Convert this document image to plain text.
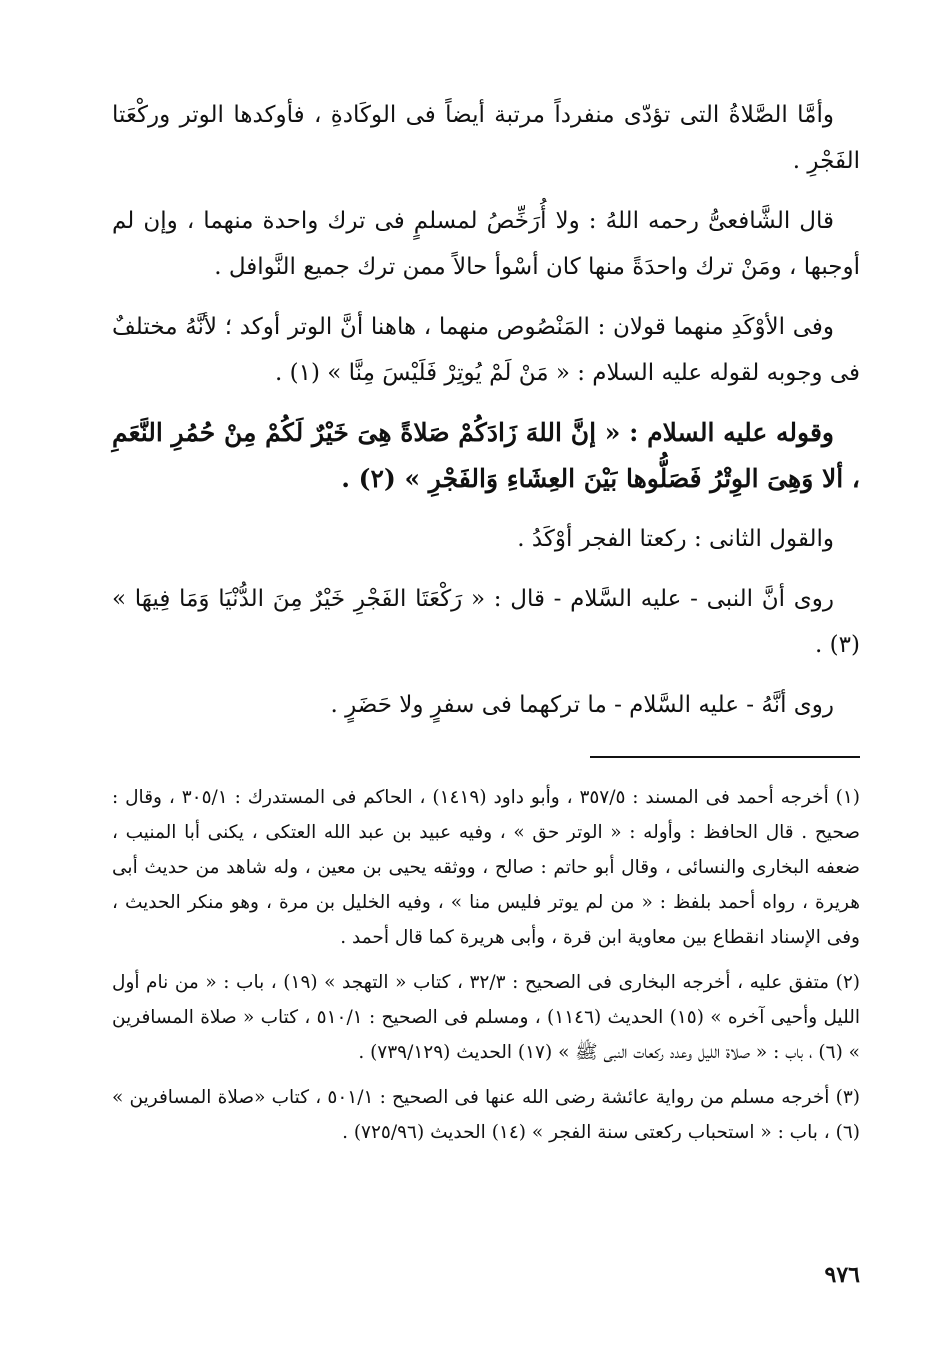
وأمَّا الصَّلاةُ التى تؤدّى منفرداً مرتبة أيضاً فى الوكَادةِ ، فأوكدها الوتر وركْعَتا الفَجْرِ .

قال الشَّافعىُّ رحمه اللهُ : ولا أُرَخِّصُ لمسلمٍ فى ترك واحدة منهما ، وإن لم أوجبها ، ومَنْ ترك واحدَةً منها كان أسْوأ حالاً ممن ترك جميع النَّوافل .

وفى الأوْكَدِ منهما قولان : المَنْصُوص منهما ، هاهنا أنَّ الوتر أوكد ؛ لأنَّهُ مختلفٌ فى وجوبه لقوله عليه السلام : « مَنْ لَمْ يُوتِرْ فَلَيْسَ مِنَّا » (١) .

وقوله عليه السلام : « إنَّ اللهَ زَادَكُمْ صَلاةً هِىَ خَيْرٌ لَكُمْ مِنْ حُمُرِ النَّعَمِ ، ألا وَهِىَ الوِتْرُ فَصَلُّوها بَيْنَ العِشَاءِ وَالفَجْرِ » (٢) .

والقول الثانى : ركعتا الفجر أوْكَدُ .

روى أنَّ النبى - عليه السَّلام - قال : « رَكْعَتَا الفَجْرِ خَيْرٌ مِنَ الدُّنْيَا وَمَا فِيهَا » (٣) .

روى أنَّهُ - عليه السَّلام - ما تركهما فى سفرٍ ولا حَضَرٍ .

(١) أخرجه أحمد فى المسند : ٣٥٧/٥ ، وأبو داود (١٤١٩) ، الحاكم فى المستدرك : ٣٠٥/١ ، وقال : صحيح . قال الحافظ : وأوله : « الوتر حق » ، وفيه عبيد بن عبد الله العتكى ، يكنى أبا المنيب ، ضعفه البخارى والنسائى ، وقال أبو حاتم : صالح ، ووثقه يحيى بن معين ، وله شاهد من حديث أبى هريرة ، رواه أحمد بلفظ : « من لم يوتر فليس منا » ، وفيه الخليل بن مرة ، وهو منكر الحديث ، وفى الإسناد انقطاع بين معاوية ابن قرة ، وأبى هريرة كما قال أحمد .

(٢) متفق عليه ، أخرجه البخارى فى الصحيح : ٣٢/٣ ، كتاب « التهجد » (١٩) ، باب : « من نام أول الليل وأحيى آخره » (١٥) الحديث (١١٤٦) ، ومسلم فى الصحيح : ٥١٠/١ ، كتاب « صلاة المسافرين » (٦) ، باب : « صلاة الليل وعدد ركعات النبى ﷺ » (١٧) الحديث (٧٣٩/١٢٩) .

(٣) أخرجه مسلم من رواية عائشة رضى الله عنها فى الصحيح : ٥٠١/١ ، كتاب «صلاة المسافرين » (٦) ، باب : « استحباب ركعتى سنة الفجر » (١٤) الحديث (٧٢٥/٩٦) .

٩٧٦
